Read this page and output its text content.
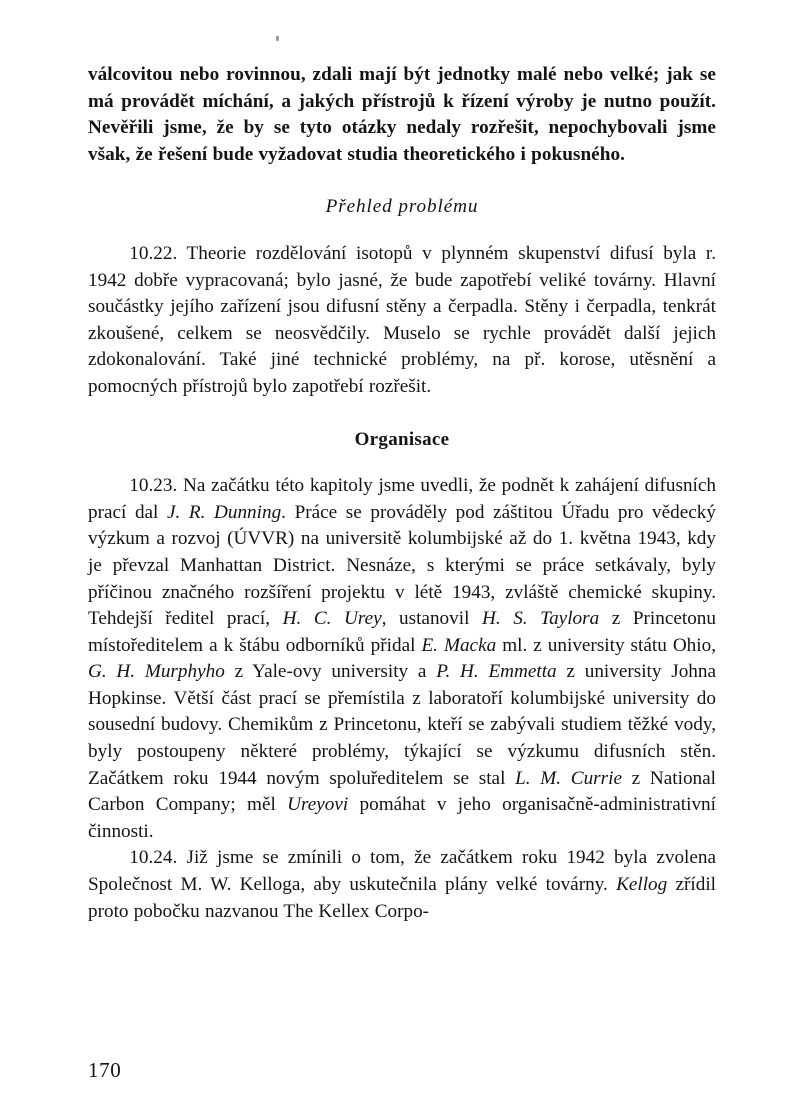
válcovitou nebo rovinnou, zdali mají být jednotky malé nebo velké; jak se má provádět míchání, a jakých přístrojů k řízení výroby je nutno použít. Nevěřili jsme, že by se tyto otázky nedaly rozřešit, nepochybovali jsme však, že řešení bude vyžadovat studia theoretického i pokusného.

Přehled problému

10.22. Theorie rozdělování isotopů v plynném skupenství difusí byla r. 1942 dobře vypracovaná; bylo jasné, že bude zapotřebí veliké továrny. Hlavní součástky jejího zařízení jsou difusní stěny a čerpadla. Stěny i čerpadla, tenkrát zkoušené, celkem se neosvědčily. Muselo se rychle provádět další jejich zdokonalování. Také jiné technické problémy, na př. korose, utěsnění a pomocných přístrojů bylo zapotřebí rozřešit.

Organisace

10.23. Na začátku této kapitoly jsme uvedli, že podnět k zahájení difusních prací dal J. R. Dunning. Práce se prováděly pod záštitou Úřadu pro vědecký výzkum a rozvoj (ÚVVR) na universitě kolumbijské až do 1. května 1943, kdy je převzal Manhattan District. Nesnáze, s kterými se práce setkávaly, byly příčinou značného rozšíření projektu v létě 1943, zvláště chemické skupiny. Tehdejší ředitel prací, H. C. Urey, ustanovil H. S. Taylora z Princetonu místoředitelem a k štábu odborníků přidal E. Macka ml. z university státu Ohio, G. H. Murphyho z Yale-ovy university a P. H. Emmetta z university Johna Hopkinse. Větší část prací se přemístila z laboratoří kolumbijské university do sousední budovy. Chemikům z Princetonu, kteří se zabývali studiem těžké vody, byly postoupeny některé problémy, týkající se výzkumu difusních stěn. Začátkem roku 1944 novým spoluředitelem se stal L. M. Currie z National Carbon Company; měl Ureyovi pomáhat v jeho organisačně-administrativní činnosti.

10.24. Již jsme se zmínili o tom, že začátkem roku 1942 byla zvolena Společnost M. W. Kelloga, aby uskutečnila plány velké továrny. Kellog zřídil proto pobočku nazvanou The Kellex Corpo-

170
